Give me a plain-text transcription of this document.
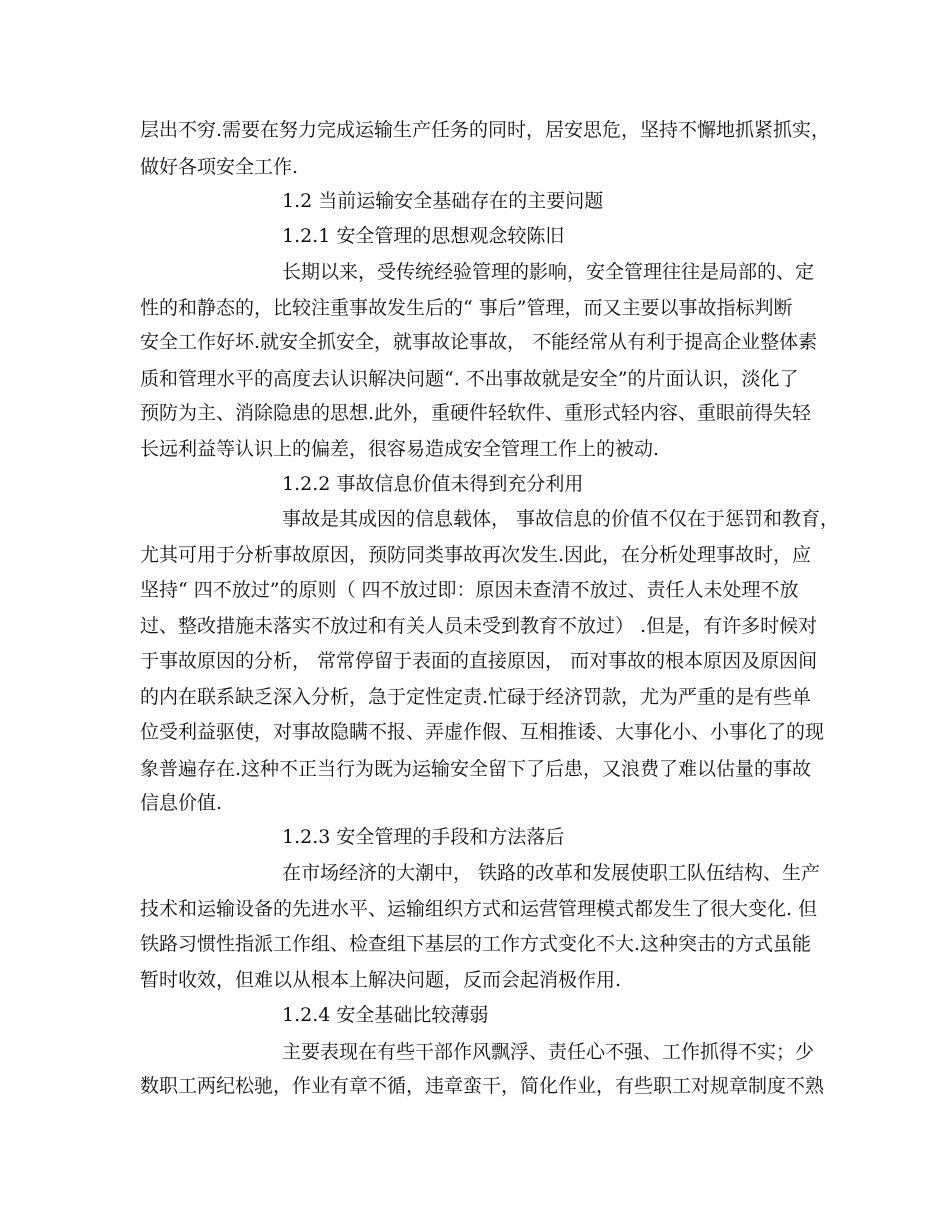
层出不穷.需要在努力完成运输生产任务的同时，居安思危，坚持不懈地抓紧抓实，
做好各项安全工作.
1.2 当前运输安全基础存在的主要问题
1.2.1 安全管理的思想观念较陈旧
长期以来，受传统经验管理的影响，安全管理往往是局部的、定
性的和静态的，比较注重事故发生后的“ 事后”管理，而又主要以事故指标判断
安全工作好坏.就安全抓安全，就事故论事故， 不能经常从有利于提高企业整体素
质和管理水平的高度去认识解决问题“. 不出事故就是安全”的片面认识，淡化了
预防为主、消除隐患的思想.此外，重硬件轻软件、重形式轻内容、重眼前得失轻
长远利益等认识上的偏差，很容易造成安全管理工作上的被动.
1.2.2 事故信息价值未得到充分利用
事故是其成因的信息载体， 事故信息的价值不仅在于惩罚和教育，
尤其可用于分析事故原因，预防同类事故再次发生.因此，在分析处理事故时，应
坚持“ 四不放过”的原则（ 四不放过即：原因未查清不放过、责任人未处理不放
过、整改措施未落实不放过和有关人员未受到教育不放过） .但是，有许多时候对
于事故原因的分析， 常常停留于表面的直接原因， 而对事故的根本原因及原因间
的内在联系缺乏深入分析，急于定性定责.忙碌于经济罚款，尤为严重的是有些单
位受利益驱使，对事故隐瞒不报、弄虚作假、互相推诿、大事化小、小事化了的现
象普遍存在.这种不正当行为既为运输安全留下了后患，又浪费了难以估量的事故
信息价值.
1.2.3 安全管理的手段和方法落后
在市场经济的大潮中， 铁路的改革和发展使职工队伍结构、生产
技术和运输设备的先进水平、运输组织方式和运营管理模式都发生了很大变化. 但
铁路习惯性指派工作组、检查组下基层的工作方式变化不大.这种突击的方式虽能
暂时收效，但难以从根本上解决问题，反而会起消极作用.
1.2.4 安全基础比较薄弱
主要表现在有些干部作风飘浮、责任心不强、工作抓得不实；少
数职工两纪松驰，作业有章不循，违章蛮干，简化作业，有些职工对规章制度不熟
